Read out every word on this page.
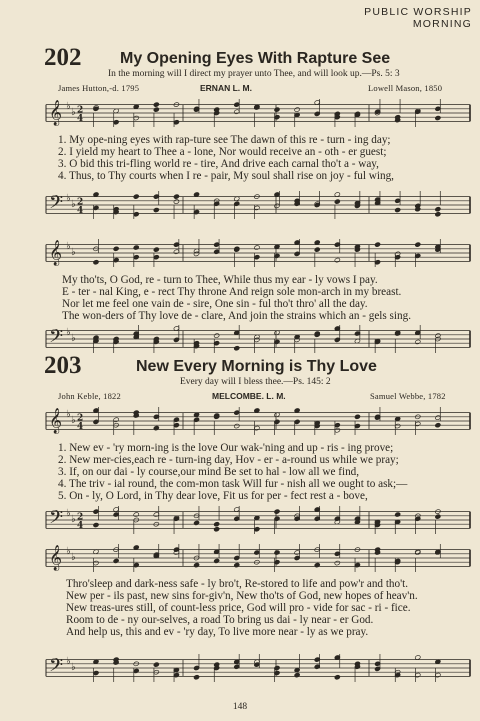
PUBLIC WORSHIP
MORNING
202 My Opening Eyes With Rapture See
In the morning will I direct my prayer unto Thee, and will look up.—Ps. 5: 3
James Hutton,-d. 1795	ERNAN L. M.	Lowell Mason, 1850
𝄞 ♭
♭ 2
4
1. My ope-ning eyes with rap-ture see The dawn of this re - turn - ing day;
2. I yield my heart to Thee a - lone, Nor would receive an - oth - er guest;
3. O bid this tri-fling world re - tire, And drive each carnal tho't a - way,
4. Thus, to Thy courts when I re - pair, My soul shall rise on joy - ful wing,
𝄢 ♭
♭ 2
4
𝄞 ♭
♭
My tho'ts, O God, re - turn to Thee, While thus my ear - ly vows I pay.
E - ter - nal King, e - rect Thy throne And reign sole mon-arch in my breast.
Nor let me feel one vain de - sire, One sin - ful tho't thro' all the day.
The won-ders of Thy love de - clare, And join the strains which an - gels sing.
𝄢 ♭
♭
203	New Every Morning is Thy Love
Every day will I bless thee.—Ps. 145: 2
John Keble, 1822	MELCOMBE. L. M.	Samuel Webbe, 1782
𝄞 ♭
♭ 2
4
1. New ev - 'ry morn-ing is the love Our wak-'ning and up - ris - ing prove;
2. New mer-cies,each re - turn-ing day, Hov - er - a-round us while we pray;
3. If, on our dai - ly course,our mind Be set to hal - low all we find,
4. The triv - ial round, the com-mon task Will fur - nish all we ought to ask;—
5. On - ly, O Lord, in Thy dear love, Fit us for per - fect rest a - bove,
𝄢 ♭
♭ 2
4
𝄞 ♭
♭
Thro'sleep and dark-ness safe - ly bro't, Re-stored to life and pow'r and tho't.
New per - ils past, new sins for-giv'n, New tho'ts of God, new hopes of heav'n.
New treas-ures still, of count-less price, God will pro - vide for sac - ri - fice.
Room to de - ny our-selves, a road To bring us dai - ly near - er God.
And help us, this and ev - 'ry day, To live more near - ly as we pray.
𝄢 ♭
♭
148
